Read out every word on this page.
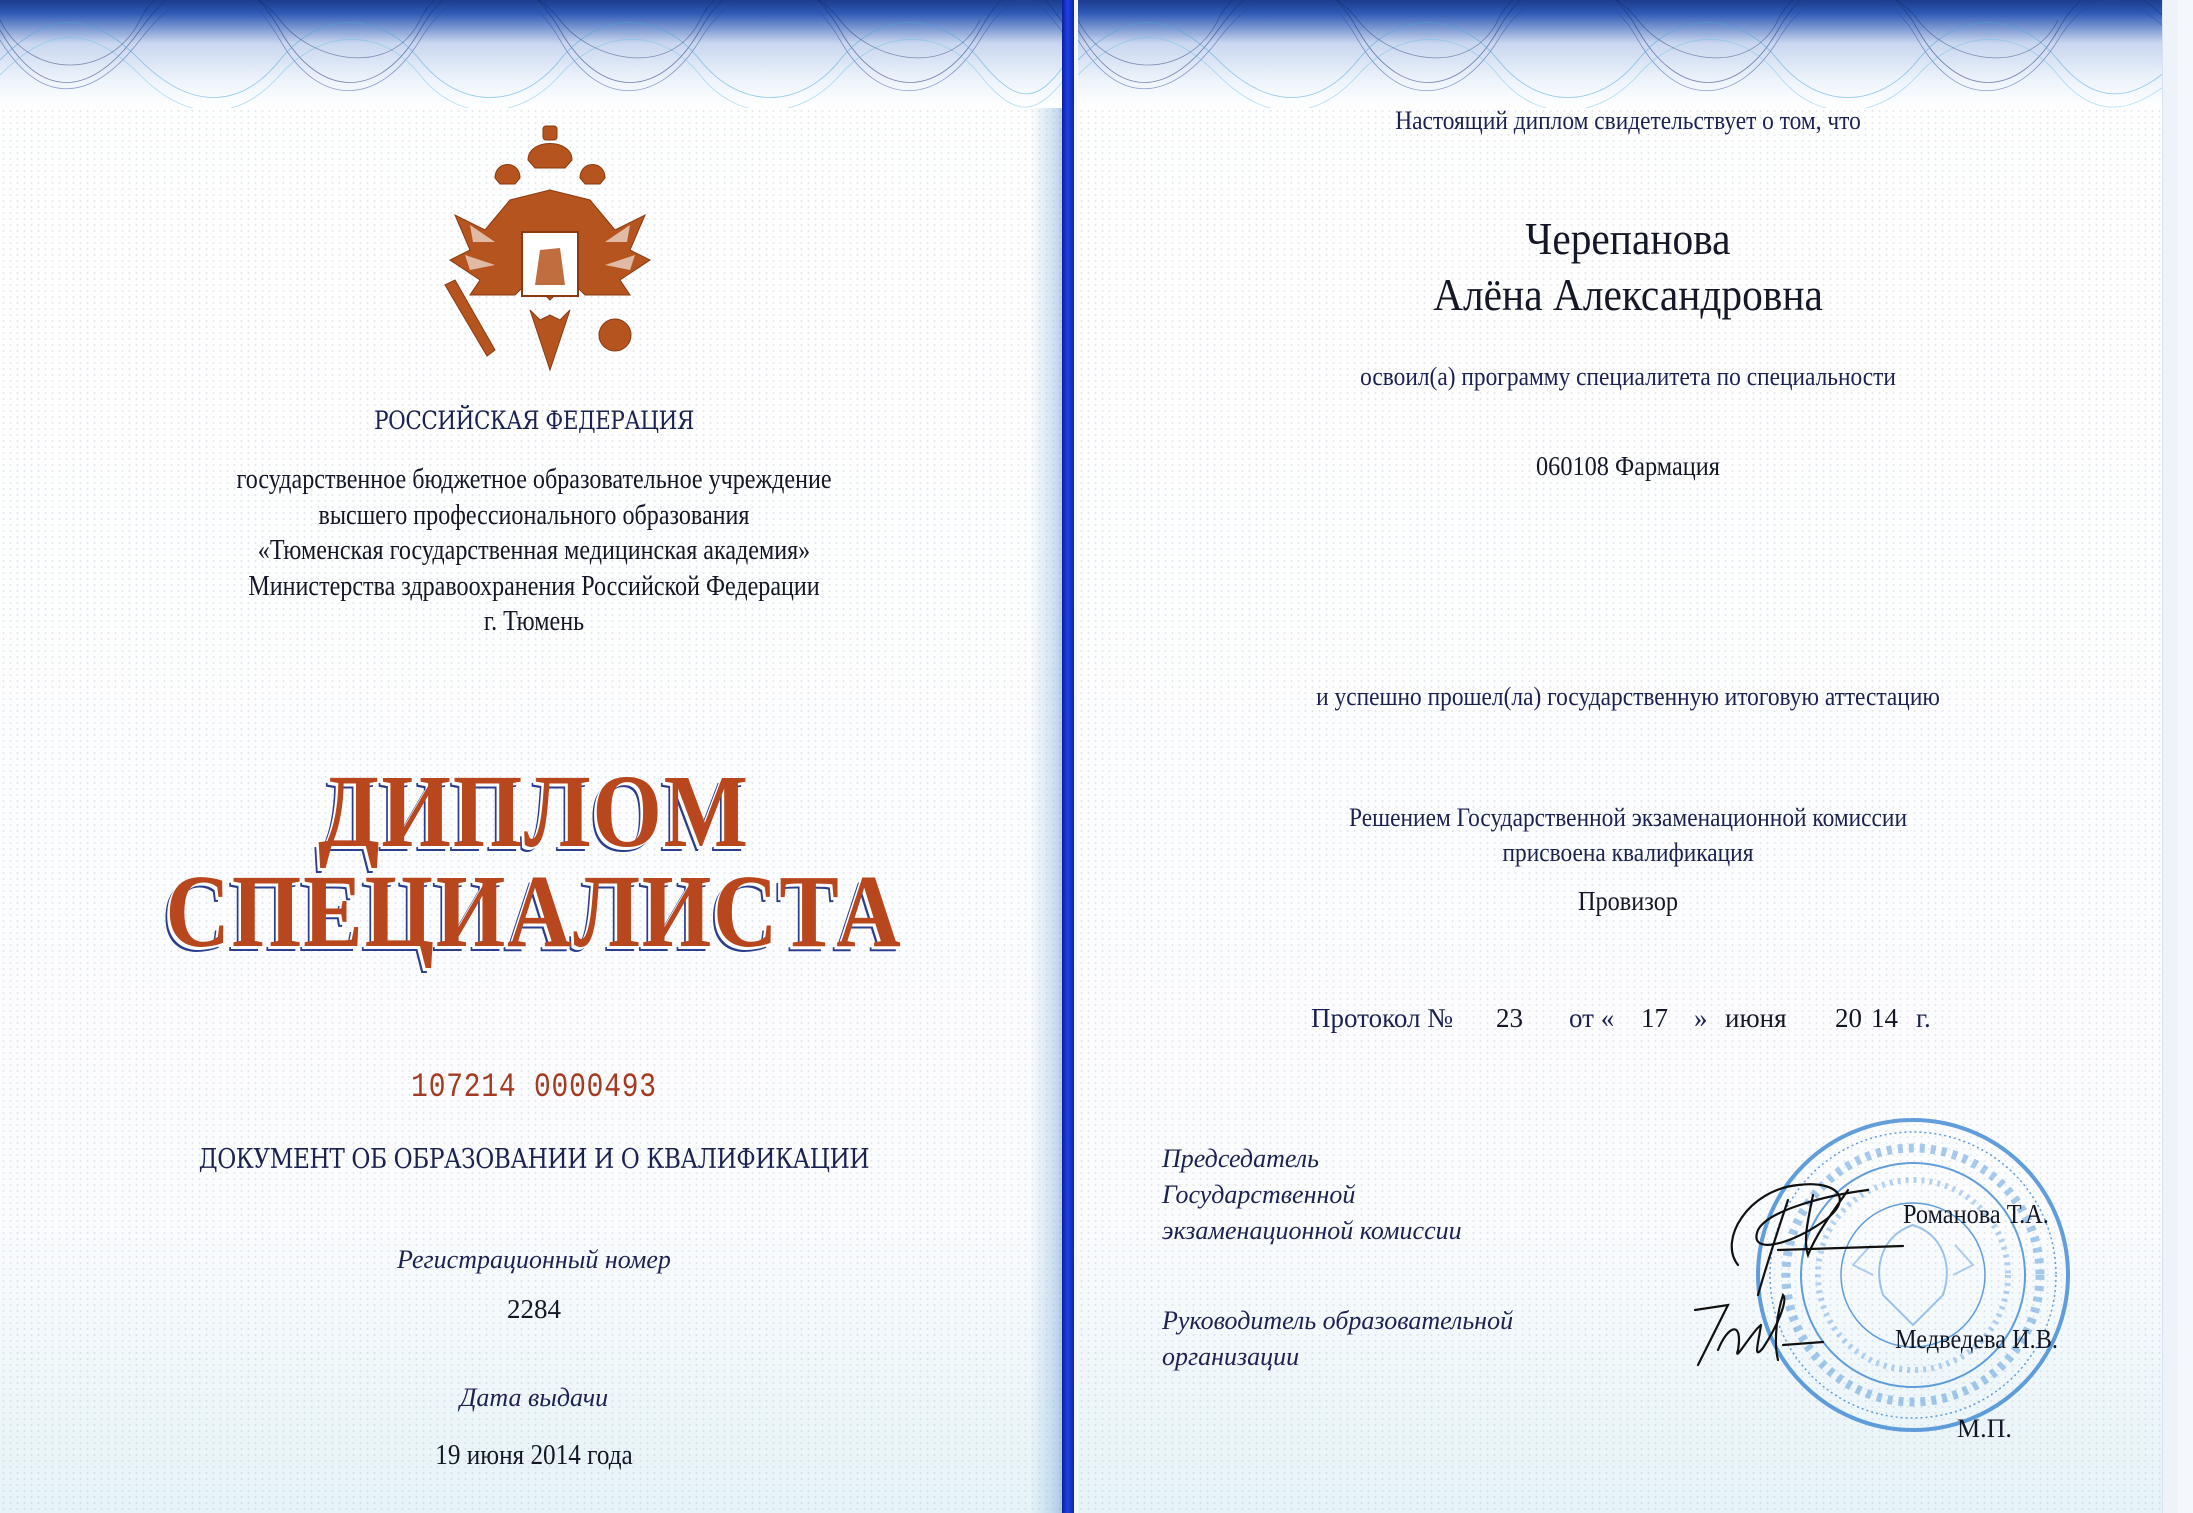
РОССИЙСКАЯ ФЕДЕРАЦИЯ
государственное бюджетное образовательное учреждение
высшего профессионального образования
«Тюменская государственная медицинская академия»
Министерства здравоохранения Российской Федерации
г. Тюмень
ДИПЛОМ
СПЕЦИАЛИСТА
107214 0000493
ДОКУМЕНТ ОБ ОБРАЗОВАНИИ И О КВАЛИФИКАЦИИ
Регистрационный номер
2284
Дата выдачи
19 июня 2014 года
Настоящий диплом свидетельствует о том, что
Черепанова
Алёна Александровна
освоил(а) программу специалитета по специальности
060108 Фармация
и успешно прошел(ла) государственную итоговую аттестацию
Решением Государственной экзаменационной комиссии
присвоена квалификация
Провизор
Протокол № 23 от « 17 » июня 20 14 г.
Председатель
Государственной
экзаменационной комиссии
Руководитель образовательной
организации
Романова Т.А.
Медведева И.В.
М.П.
